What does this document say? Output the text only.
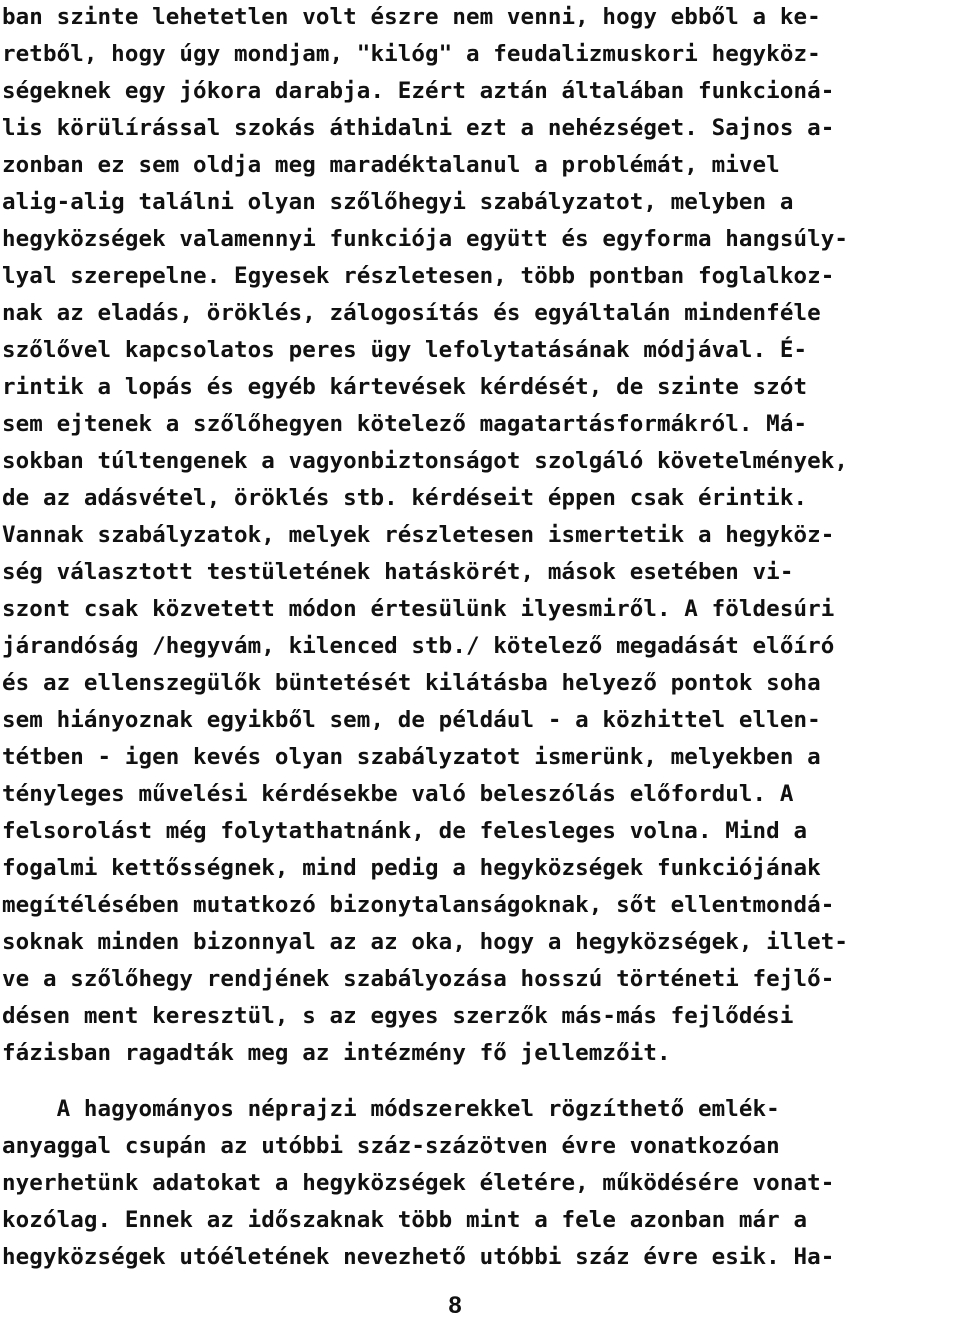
ban szinte lehetetlen volt észre nem venni, hogy ebből a ke-
retből, hogy úgy mondjam, "kilóg" a feudalizmuskori hegyköz-
ségeknek egy jókora darabja. Ezért aztán általában funkcioná-
lis körülírással szokás áthidalni ezt a nehézséget. Sajnos a-
zonban ez sem oldja meg maradéktalanul a problémát, mivel
alig-alig találni olyan szőlőhegyi szabályzatot, melyben a
hegyközségek valamennyi funkciója együtt és egyforma hangsúly-
lyal szerepelne. Egyesek részletesen, több pontban foglalkoz-
nak az eladás, öröklés, zálogosítás és egyáltalán mindenféle
szőlővel kapcsolatos peres ügy lefolytatásának módjával. É-
rintik a lopás és egyéb kártevések kérdését, de szinte szót
sem ejtenek a szőlőhegyen kötelező magatartásformákról. Má-
sokban túltengenek a vagyonbiztonságot szolgáló követelmények,
de az adásvétel, öröklés stb. kérdéseit éppen csak érintik.
Vannak szabályzatok, melyek részletesen ismertetik a hegyköz-
ség választott testületének hatáskörét, mások esetében vi-
szont csak közvetett módon értesülünk ilyesmiről. A földesúri
járandóság /hegyvám, kilenced stb./ kötelező megadását előíró
és az ellenszegülők büntetését kilátásba helyező pontok soha
sem hiányoznak egyikből sem, de például - a közhittel ellen-
tétben - igen kevés olyan szabályzatot ismerünk, melyekben a
tényleges művelési kérdésekbe való beleszólás előfordul. A
felsorolást még folytathatnánk, de felesleges volna. Mind a
fogalmi kettősségnek, mind pedig a hegyközségek funkciójának
megítélésében mutatkozó bizonytalanságoknak, sőt ellentmondá-
soknak minden bizonnyal az az oka, hogy a hegyközségek, illet-
ve a szőlőhegy rendjének szabályozása hosszú történeti fejlő-
désen ment keresztül, s az egyes szerzők más-más fejlődési
fázisban ragadták meg az intézmény fő jellemzőit.
A hagyományos néprajzi módszerekkel rögzíthető emlék-
anyaggal csupán az utóbbi száz-százötven évre vonatkozóan
nyerhetünk adatokat a hegyközségek életére, működésére vonat-
kozólag. Ennek az időszaknak több mint a fele azonban már a
hegyközségek utóéletének nevezhető utóbbi száz évre esik. Ha-
8
